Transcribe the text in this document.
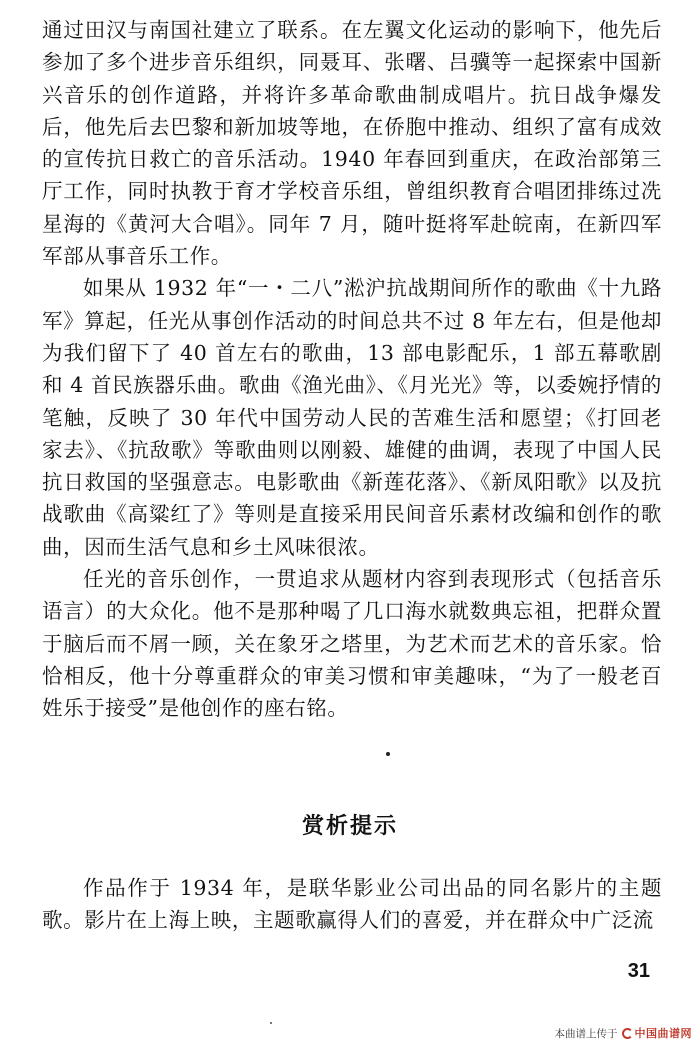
通过田汉与南国社建立了联系。在左翼文化运动的影响下，他先后参加了多个进步音乐组织，同聂耳、张曙、吕骥等一起探索中国新兴音乐的创作道路，并将许多革命歌曲制成唱片。抗日战争爆发后，他先后去巴黎和新加坡等地，在侨胞中推动、组织了富有成效的宣传抗日救亡的音乐活动。1940 年春回到重庆，在政治部第三厅工作，同时执教于育才学校音乐组，曾组织教育合唱团排练过冼星海的《黄河大合唱》。同年 7 月，随叶挺将军赴皖南，在新四军军部从事音乐工作。

如果从 1932 年“一・二八”淞沪抗战期间所作的歌曲《十九路军》算起，任光从事创作活动的时间总共不过 8 年左右，但是他却为我们留下了 40 首左右的歌曲，13 部电影配乐，1 部五幕歌剧和 4 首民族器乐曲。歌曲《渔光曲》、《月光光》等，以委婉抒情的笔触，反映了 30 年代中国劳动人民的苦难生活和愿望；《打回老家去》、《抗敌歌》等歌曲则以刚毅、雄健的曲调，表现了中国人民抗日救国的坚强意志。电影歌曲《新莲花落》、《新凤阳歌》以及抗战歌曲《高粱红了》等则是直接采用民间音乐素材改编和创作的歌曲，因而生活气息和乡土风味很浓。

任光的音乐创作，一贯追求从题材内容到表现形式（包括音乐语言）的大众化。他不是那种喝了几口海水就数典忘祖，把群众置于脑后而不屑一顾，关在象牙之塔里，为艺术而艺术的音乐家。恰恰相反，他十分尊重群众的审美习惯和审美趣味，“为了一般老百姓乐于接受”是他创作的座右铭。

赏析提示

作品作于 1934 年，是联华影业公司出品的同名影片的主题歌。影片在上海上映，主题歌赢得人们的喜爱，并在群众中广泛流

31
本曲谱上传于 中国曲谱网
